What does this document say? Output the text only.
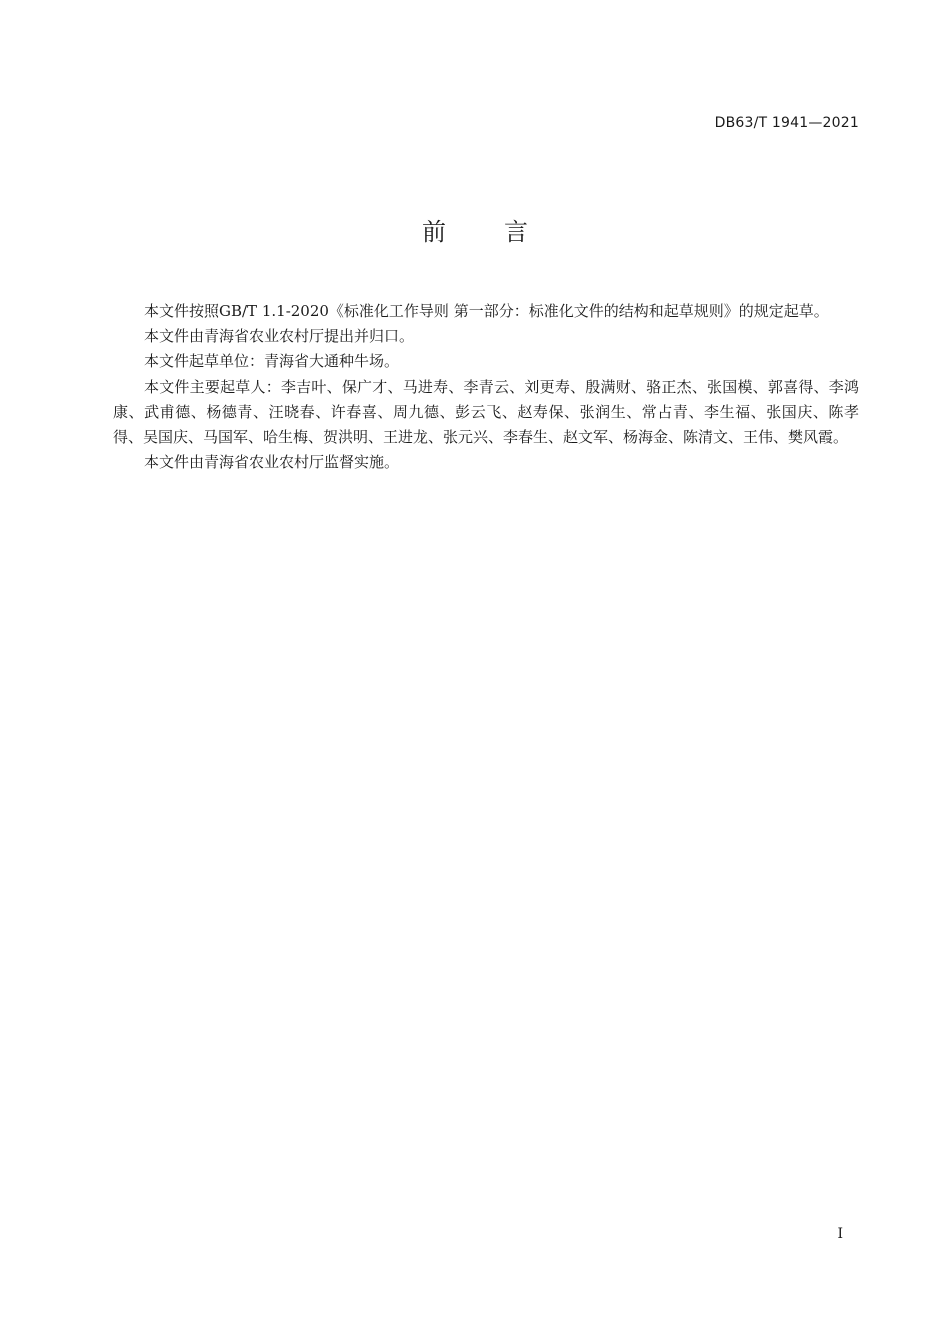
DB63/T 1941—2021
前言

本文件按照GB/T 1.1-2020《标准化工作导则 第一部分：标准化文件的结构和起草规则》的规定起草。

本文件由青海省农业农村厅提出并归口。

本文件起草单位：青海省大通种牛场。

本文件主要起草人：李吉叶、保广才、马进寿、李青云、刘更寿、殷满财、骆正杰、张国模、郭喜得、李鸿康、武甫德、杨德青、汪晓春、许春喜、周九德、彭云飞、赵寿保、张润生、常占青、李生福、张国庆、陈孝得、吴国庆、马国军、哈生梅、贺洪明、王进龙、张元兴、李春生、赵文军、杨海金、陈清文、王伟、樊风霞。

本文件由青海省农业农村厅监督实施。

I
